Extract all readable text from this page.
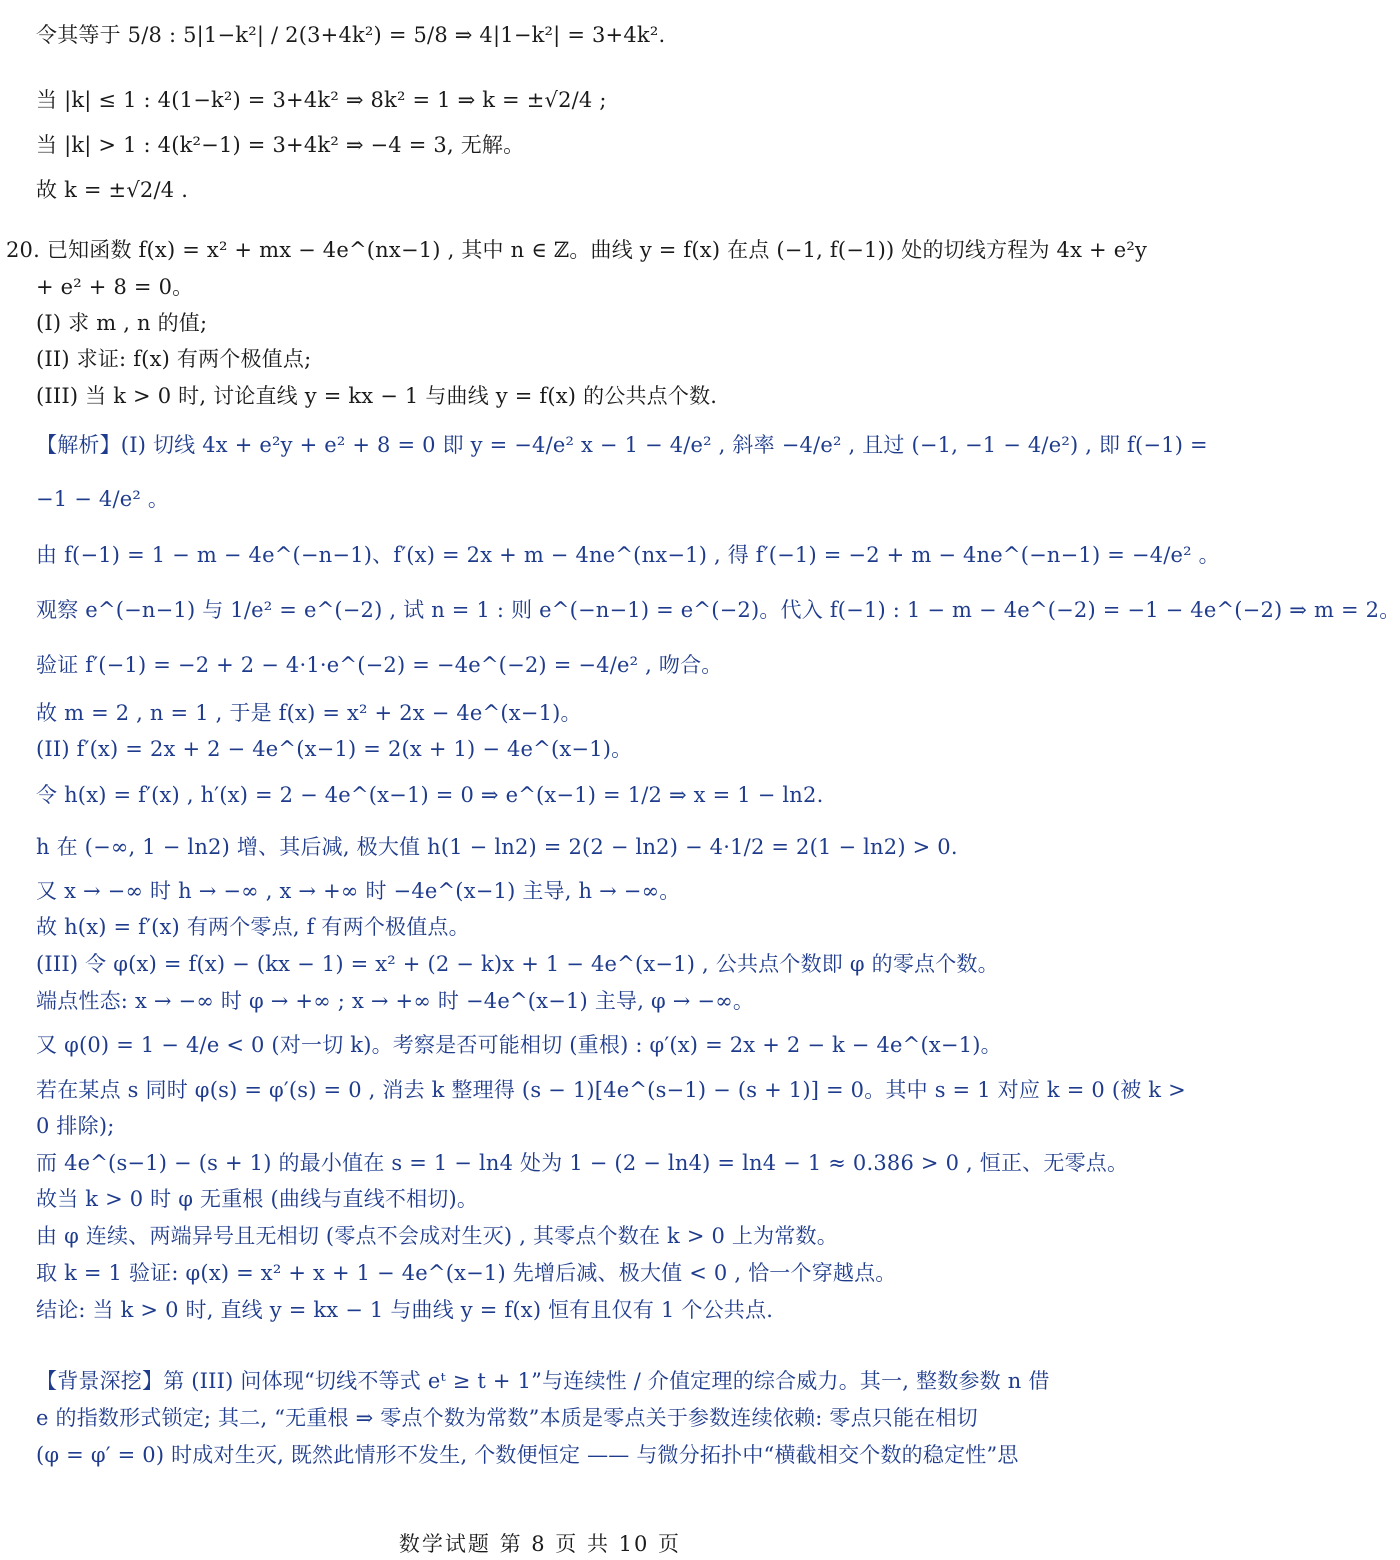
令其等于 5/8 : 5|1−k²| / 2(3+4k²) = 5/8 ⇒ 4|1−k²| = 3+4k².
当 |k| ≤ 1 : 4(1−k²) = 3+4k² ⇒ 8k² = 1 ⇒ k = ±√2/4 ;
当 |k| > 1 : 4(k²−1) = 3+4k² ⇒ −4 = 3, 无解。
故 k = ±√2/4 .
20. 已知函数 f(x) = x² + mx − 4e^(nx−1) , 其中 n ∈ ℤ。曲线 y = f(x) 在点 (−1, f(−1)) 处的切线方程为 4x + e²y
+ e² + 8 = 0。
(I) 求 m , n 的值;
(II) 求证: f(x) 有两个极值点;
(III) 当 k > 0 时, 讨论直线 y = kx − 1 与曲线 y = f(x) 的公共点个数.
【解析】(I) 切线 4x + e²y + e² + 8 = 0 即 y = −4/e² x − 1 − 4/e² , 斜率 −4/e² , 且过 (−1, −1 − 4/e²) , 即 f(−1) =
−1 − 4/e² 。
由 f(−1) = 1 − m − 4e^(−n−1)、f′(x) = 2x + m − 4ne^(nx−1) , 得 f′(−1) = −2 + m − 4ne^(−n−1) = −4/e² 。
观察 e^(−n−1) 与 1/e² = e^(−2) , 试 n = 1 : 则 e^(−n−1) = e^(−2)。代入 f(−1) : 1 − m − 4e^(−2) = −1 − 4e^(−2) ⇒ m = 2。
验证 f′(−1) = −2 + 2 − 4·1·e^(−2) = −4e^(−2) = −4/e² , 吻合。
故 m = 2 , n = 1 , 于是 f(x) = x² + 2x − 4e^(x−1)。
(II) f′(x) = 2x + 2 − 4e^(x−1) = 2(x + 1) − 4e^(x−1)。
令 h(x) = f′(x) , h′(x) = 2 − 4e^(x−1) = 0 ⇒ e^(x−1) = 1/2 ⇒ x = 1 − ln2.
h 在 (−∞, 1 − ln2) 增、其后减, 极大值 h(1 − ln2) = 2(2 − ln2) − 4·1/2 = 2(1 − ln2) > 0.
又 x → −∞ 时 h → −∞ , x → +∞ 时 −4e^(x−1) 主导, h → −∞。
故 h(x) = f′(x) 有两个零点, f 有两个极值点。
(III) 令 φ(x) = f(x) − (kx − 1) = x² + (2 − k)x + 1 − 4e^(x−1) , 公共点个数即 φ 的零点个数。
端点性态: x → −∞ 时 φ → +∞ ; x → +∞ 时 −4e^(x−1) 主导, φ → −∞。
又 φ(0) = 1 − 4/e < 0 (对一切 k)。考察是否可能相切 (重根) : φ′(x) = 2x + 2 − k − 4e^(x−1)。
若在某点 s 同时 φ(s) = φ′(s) = 0 , 消去 k 整理得 (s − 1)[4e^(s−1) − (s + 1)] = 0。其中 s = 1 对应 k = 0 (被 k >
0 排除);
而 4e^(s−1) − (s + 1) 的最小值在 s = 1 − ln4 处为 1 − (2 − ln4) = ln4 − 1 ≈ 0.386 > 0 , 恒正、无零点。
故当 k > 0 时 φ 无重根 (曲线与直线不相切)。
由 φ 连续、两端异号且无相切 (零点不会成对生灭) , 其零点个数在 k > 0 上为常数。
取 k = 1 验证: φ(x) = x² + x + 1 − 4e^(x−1) 先增后减、极大值 < 0 , 恰一个穿越点。
结论: 当 k > 0 时, 直线 y = kx − 1 与曲线 y = f(x) 恒有且仅有 1 个公共点.
【背景深挖】第 (III) 问体现“切线不等式 eᵗ ≥ t + 1”与连续性 / 介值定理的综合威力。其一, 整数参数 n 借
e 的指数形式锁定; 其二, “无重根 ⇒ 零点个数为常数”本质是零点关于参数连续依赖: 零点只能在相切
(φ = φ′ = 0) 时成对生灭, 既然此情形不发生, 个数便恒定 —— 与微分拓扑中“横截相交个数的稳定性”思
数学试题 第 8 页 共 10 页
